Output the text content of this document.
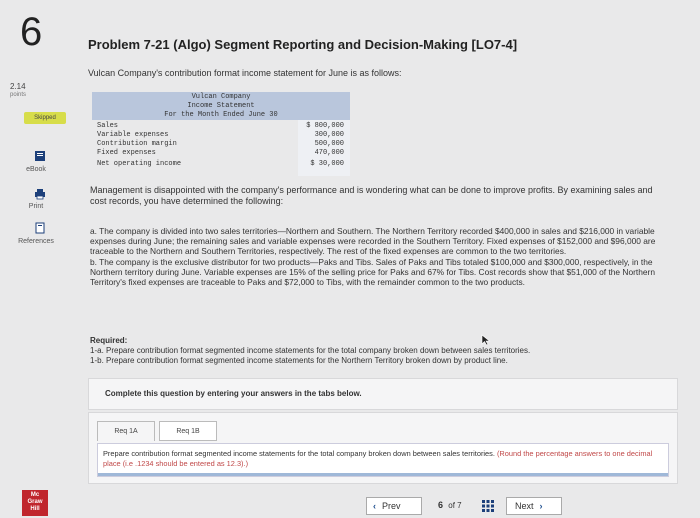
6
2.14
points
Skipped
eBook
Print
References
Mc
Graw
Hill
Problem 7-21 (Algo) Segment Reporting and Decision-Making [LO7-4]
Vulcan Company's contribution format income statement for June is as follows:
Vulcan Company
Income Statement
For the Month Ended June 30
Sales	$ 800,000
Variable expenses	300,000
Contribution margin	500,000
Fixed expenses	470,000
Net operating income	$ 30,000
Management is disappointed with the company's performance and is wondering what can be done to improve profits. By examining sales and cost records, you have determined the following:
a. The company is divided into two sales territories—Northern and Southern. The Northern Territory recorded $400,000 in sales and $216,000 in variable expenses during June; the remaining sales and variable expenses were recorded in the Southern Territory. Fixed expenses of $152,000 and $96,000 are traceable to the Northern and Southern Territories, respectively. The rest of the fixed expenses are common to the two territories.
b. The company is the exclusive distributor for two products—Paks and Tibs. Sales of Paks and Tibs totaled $100,000 and $300,000, respectively, in the Northern territory during June. Variable expenses are 15% of the selling price for Paks and 67% for Tibs. Cost records show that $51,000 of the Northern Territory's fixed expenses are traceable to Paks and $72,000 to Tibs, with the remainder common to the two products.
Required:
1-a. Prepare contribution format segmented income statements for the total company broken down between sales territories.
1-b. Prepare contribution format segmented income statements for the Northern Territory broken down by product line.
Complete this question by entering your answers in the tabs below.
Req 1A	Req 1B
Prepare contribution format segmented income statements for the total company broken down between sales territories. (Round the percentage answers to one decimal place (i.e .1234 should be entered as 12.3).)
‹ Prev	6 of 7	Next ›
